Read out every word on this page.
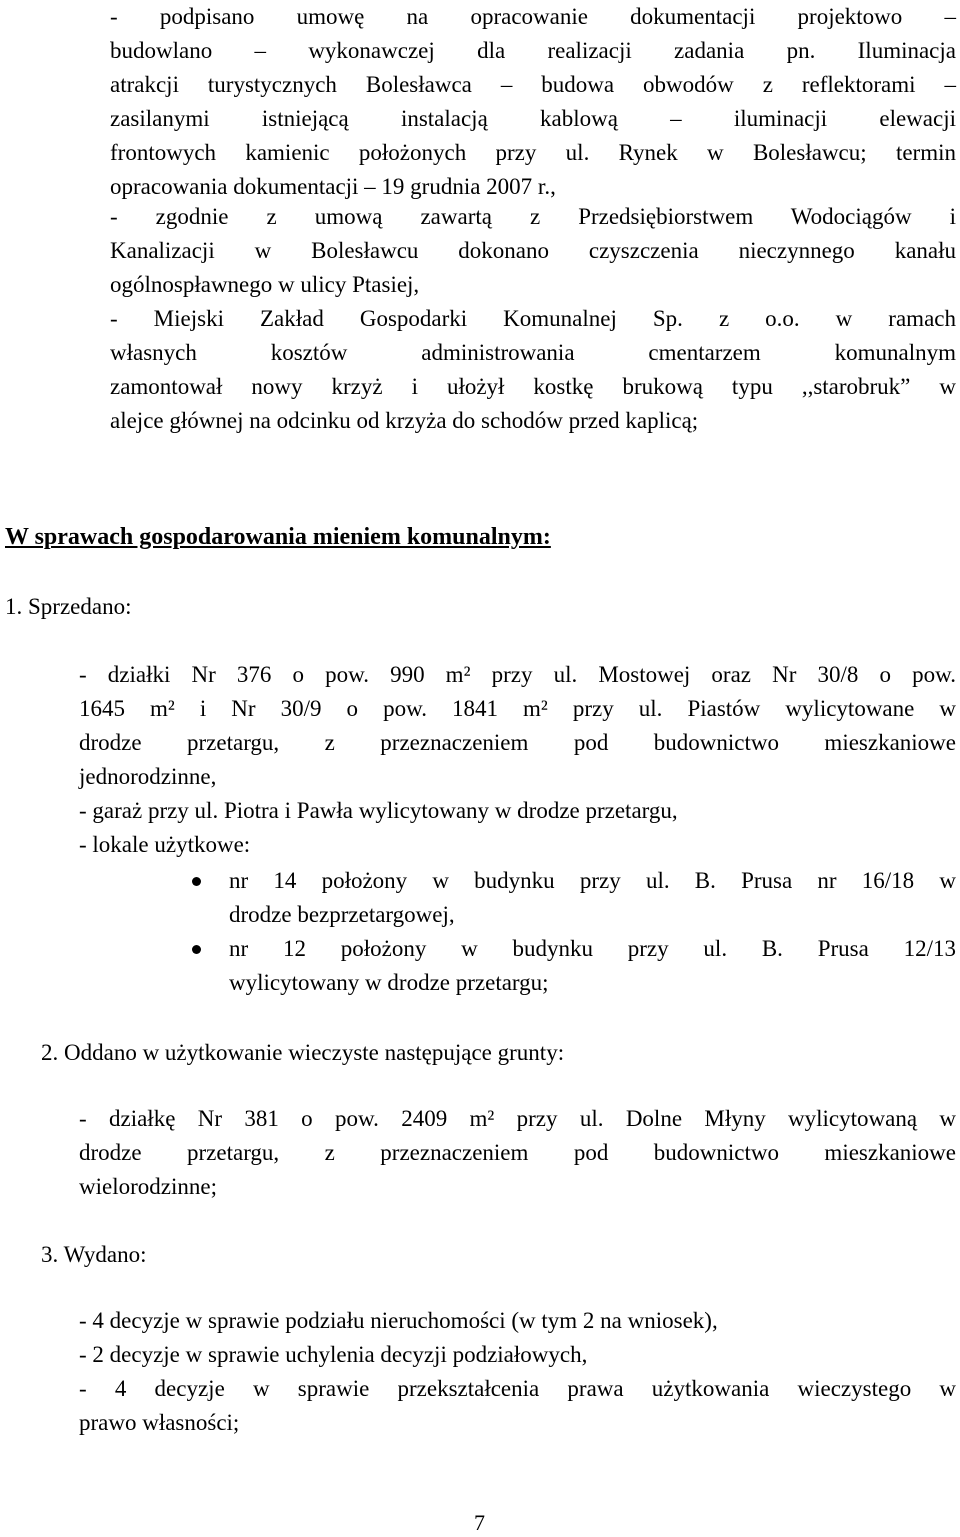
- podpisano umowę na opracowanie dokumentacji projektowo –
budowlano – wykonawczej dla realizacji zadania pn. Iluminacja
atrakcji turystycznych Bolesławca – budowa obwodów z reflektorami –
zasilanymi istniejącą instalacją kablową – iluminacji elewacji
frontowych kamienic położonych przy ul. Rynek w Bolesławcu; termin
opracowania dokumentacji – 19 grudnia 2007 r.,
- zgodnie z umową zawartą z Przedsiębiorstwem Wodociągów i
Kanalizacji w Bolesławcu dokonano czyszczenia nieczynnego kanału
ogólnospławnego w ulicy Ptasiej,
- Miejski Zakład Gospodarki Komunalnej Sp. z o.o. w ramach
własnych kosztów administrowania cmentarzem komunalnym
zamontował nowy krzyż i ułożył kostkę brukową typu ,,starobruk” w
alejce głównej na odcinku od krzyża do schodów przed kaplicą;
W sprawach gospodarowania mieniem komunalnym:
1. Sprzedano:
- działki Nr 376 o pow. 990 m² przy ul. Mostowej oraz Nr 30/8 o pow.
1645 m² i Nr 30/9 o pow. 1841 m² przy ul. Piastów wylicytowane w
drodze przetargu, z przeznaczeniem pod budownictwo mieszkaniowe
jednorodzinne,
- garaż przy ul. Piotra i Pawła wylicytowany w drodze przetargu,
- lokale użytkowe:
nr 14 położony w budynku przy ul. B. Prusa nr 16/18 w
drodze bezprzetargowej,
nr 12 położony w budynku przy ul. B. Prusa 12/13
wylicytowany w drodze przetargu;
2. Oddano w użytkowanie wieczyste następujące grunty:
- działkę Nr 381 o pow. 2409 m² przy ul. Dolne Młyny wylicytowaną w
drodze przetargu, z przeznaczeniem pod budownictwo mieszkaniowe
wielorodzinne;
3. Wydano:
- 4 decyzje w sprawie podziału nieruchomości (w tym 2 na wniosek),
- 2 decyzje w sprawie uchylenia decyzji podziałowych,
- 4 decyzje w sprawie przekształcenia prawa użytkowania wieczystego w
prawo własności;
7
